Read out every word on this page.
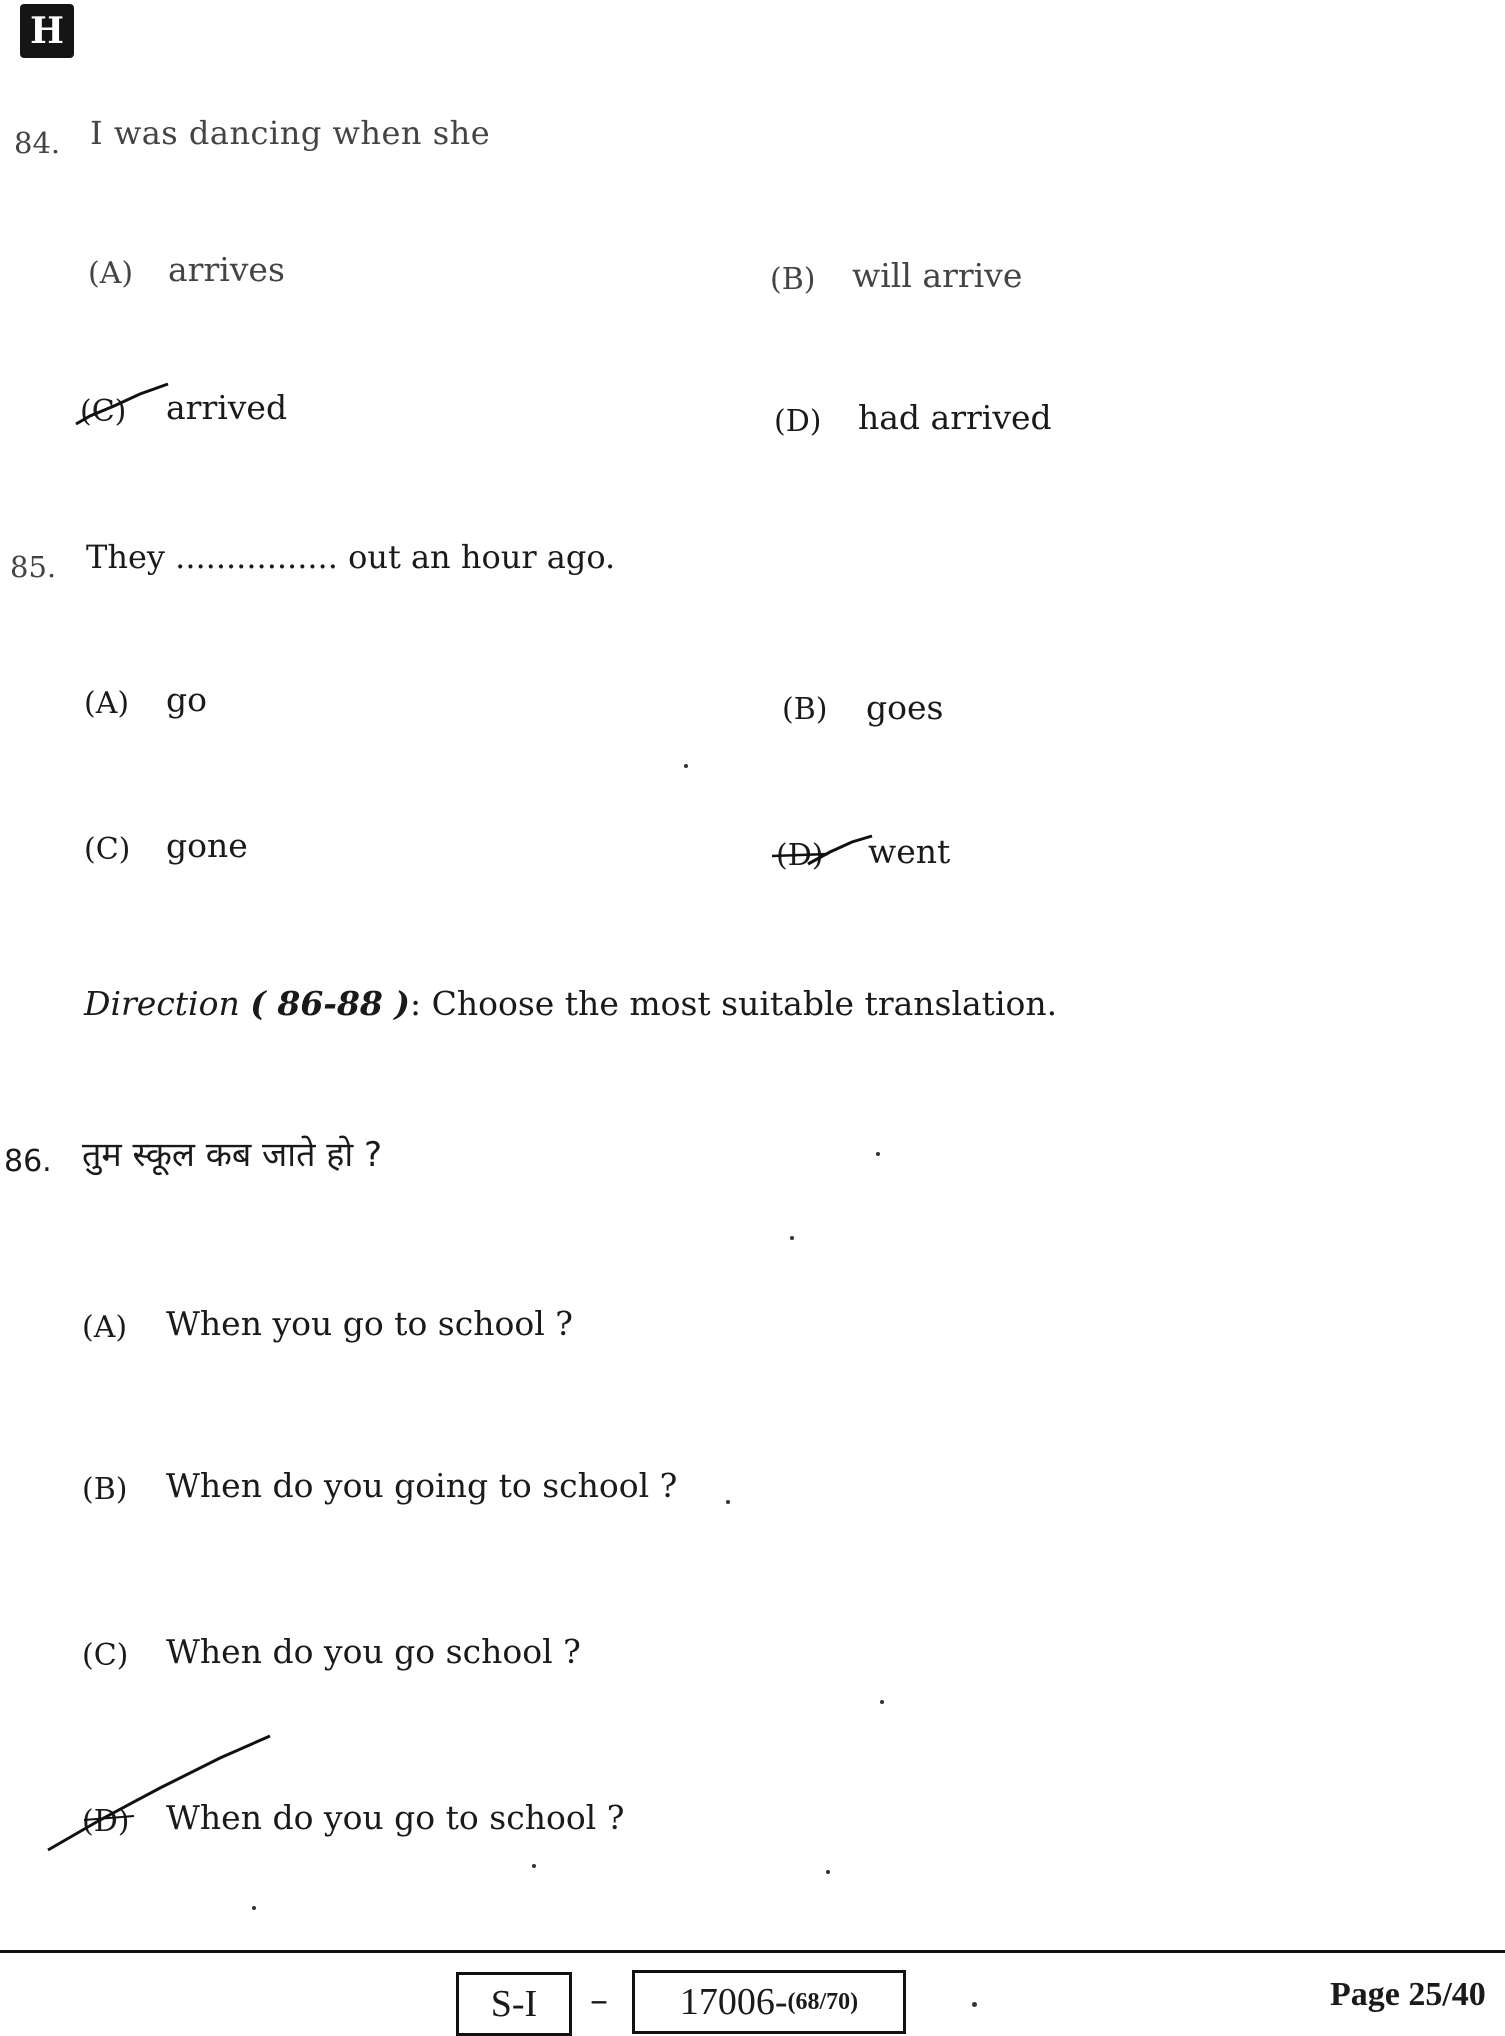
H
84. I was dancing when she
(A) arrives	(B) will arrive
(C) arrived	(D) had arrived
85. They ................ out an hour ago.
(A) go	(B) goes
(C) gone	(D) went
Direction ( 86-88 ): Choose the most suitable translation.
86. तुम स्कूल कब जाते हो ?
(A) When you go to school ?
(B) When do you going to school ?
(C) When do you go school ?
(D) When do you go to school ?
S-I – 17006- (68/70)	Page 25/40
